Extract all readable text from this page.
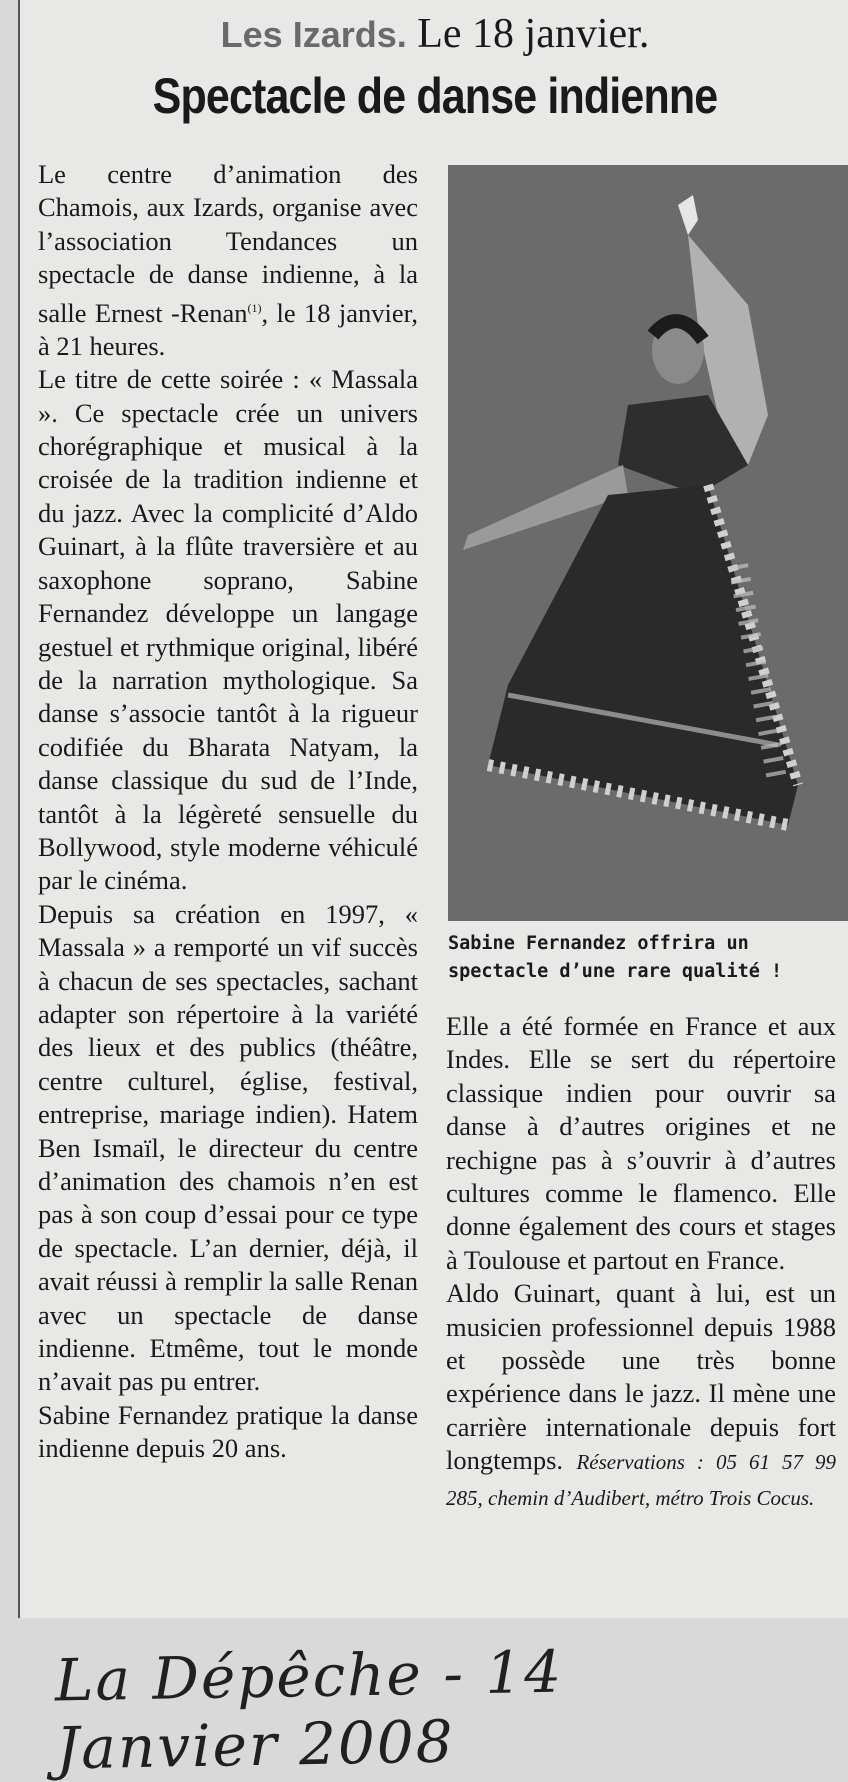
Les Izards. Le 18 janvier.
Spectacle de danse indienne

Le centre d’animation des Chamois, aux Izards, organise avec l’association Tendances un spectacle de danse indienne, à la salle Ernest -Renan$^{(1)}$, le 18 janvier, à 21 heures.

Le titre de cette soirée : « Massala ». Ce spectacle crée un univers chorégraphique et musical à la croisée de la tradition indienne et du jazz. Avec la complicité d’Aldo Guinart, à la flûte traversière et au saxophone soprano, Sabine Fernandez développe un langage gestuel et rythmique original, libéré de la narration mythologique. Sa danse s’associe tantôt à la rigueur codifiée du Bharata Natyam, la danse classique du sud de l’Inde, tantôt à la légèreté sensuelle du Bollywood, style moderne véhiculé par le cinéma.

Depuis sa création en 1997, « Massala » a remporté un vif succès à chacun de ses spectacles, sachant adapter son répertoire à la variété des lieux et des publics (théâtre, centre culturel, église, festival, entreprise, mariage indien). Hatem Ben Ismaïl, le directeur du centre d’animation des chamois n’en est pas à son coup d’essai pour ce type de spectacle. L’an dernier, déjà, il avait réussi à remplir la salle Renan avec un spectacle de danse indienne. Etmême, tout le monde n’avait pas pu entrer.

Sabine Fernandez pratique la danse indienne depuis 20 ans.

Sabine Fernandez offrira un spectacle d’une rare qualité !

Elle a été formée en France et aux Indes. Elle se sert du répertoire classique indien pour ouvrir sa danse à d’autres origines et ne rechigne pas à s’ouvrir à d’autres cultures comme le flamenco. Elle donne également des cours et stages à Toulouse et partout en France.

Aldo Guinart, quant à lui, est un musicien professionnel depuis 1988 et possède une très bonne expérience dans le jazz. Il mène une carrière internationale depuis fort longtemps. Réservations : 05 61 57 99 285, chemin d’Audibert, métro Trois Cocus.

La Dépêche - 14 Janvier 2008
